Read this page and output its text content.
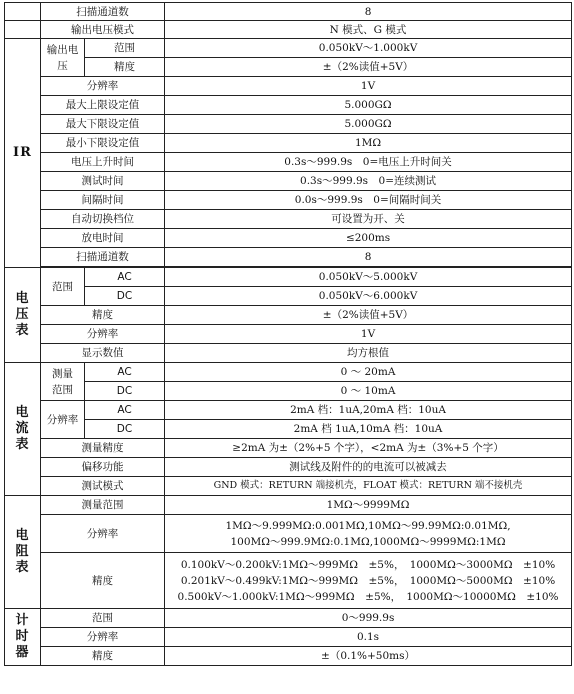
	扫描通道数		8
	输出电压模式		N 模式、G 模式
IR	输出电压	范围	0.050kV～1.000kV
		精度	±（2%读值+5V）
	分辨率		1V
	最大上限设定值		5.000GΩ
	最大下限设定值		5.000GΩ
	最小下限设定值		1MΩ
	电压上升时间		0.3s～999.9s　0=电压上升时间关
	测试时间		0.3s～999.9s　0=连续测试
	间隔时间		0.0s～999.9s　0=间隔时间关
	自动切换档位		可设置为开、关
	放电时间		≤200ms
	扫描通道数		8

电压表	范围	AC	0.050kV～5.000kV
		DC	0.050kV～6.000kV
	精度		±（2%读值+5V）
	分辨率		1V
	显示数值		均方根值

电流表	测量范围	AC	0 ～ 20mA
		DC	0 ～ 10mA
	分辨率	AC	2mA 档：1uA,20mA 档：10uA
		DC	2mA 档 1uA,10mA 档：10uA
	测量精度		≥2mA 为±（2%+5 个字），<2mA 为±（3%+5 个字）
	偏移功能		测试线及附件的的电流可以被减去
	测试模式		GND 模式：RETURN 端接机壳，FLOAT 模式：RETURN 端不接机壳

电阻表	测量范围		1MΩ～9999MΩ
	分辨率		1MΩ～9.999MΩ:0.001MΩ,10MΩ～99.99MΩ:0.01MΩ,
100MΩ～999.9MΩ:0.1MΩ,1000MΩ～9999MΩ:1MΩ

	精度		0.100kV～0.200kV:1MΩ～999MΩ　±5%，　1000MΩ～3000MΩ　±10%
0.201kV～0.499kV:1MΩ～999MΩ　±5%，　1000MΩ～5000MΩ　±10%
0.500kV～1.000kV:1MΩ～999MΩ　±5%，　1000MΩ～10000MΩ　±10%

计时器	范围		0～999.9s
	分辨率		0.1s
	精度		±（0.1%+50ms）
